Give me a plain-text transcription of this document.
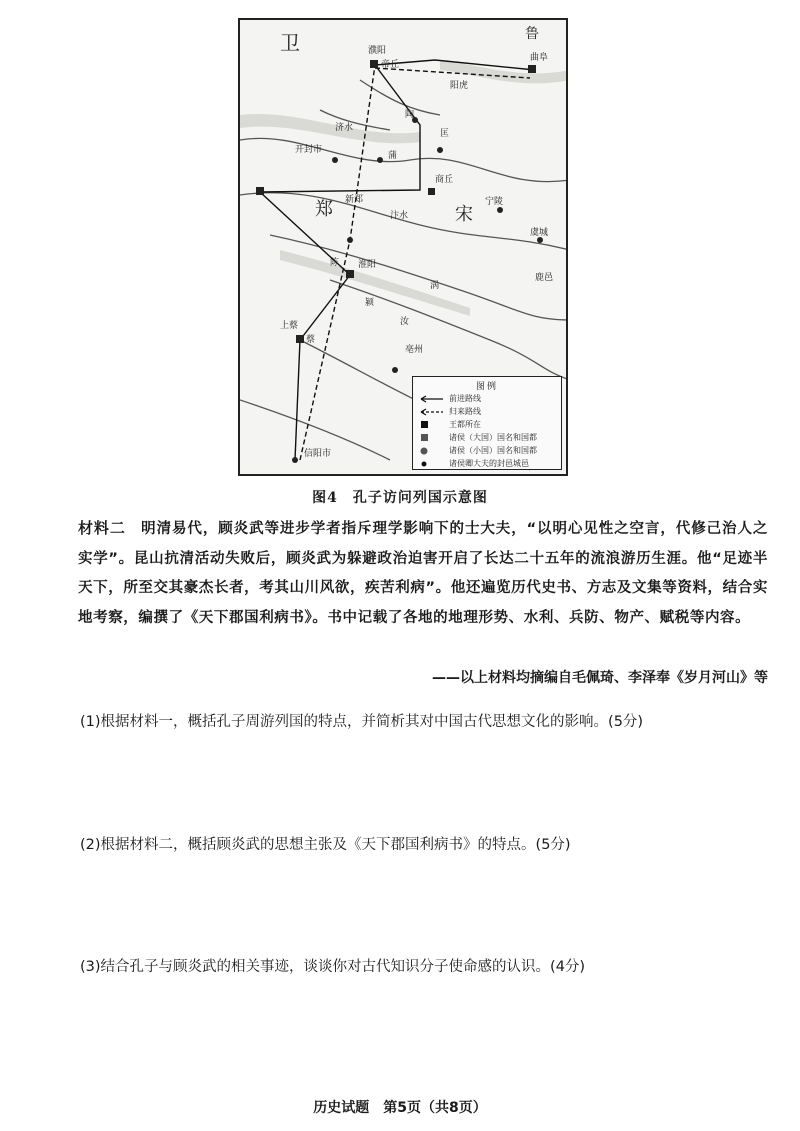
卫	鲁
郑	宋
濮阳
帝丘
曲阜
阳虎
陶
开封市
新郑
商丘
淮阳
陈
上蔡
蔡
信阳市
蒲
匡
宁陵
虞城
鹿邑
亳州
济水
汴水
涡
颍
汝
图例
前进路线
归来路线
王都所在
诸侯（大国）国名和国都
诸侯（小国）国名和国都
诸侯卿大夫的封邑城邑
图4　孔子访问列国示意图
材料二　明清易代，顾炎武等进步学者指斥理学影响下的士大夫，“以明心见性之空言，代修己治人之实学”。昆山抗清活动失败后，顾炎武为躲避政治迫害开启了长达二十五年的流浪游历生涯。他“足迹半天下，所至交其豪杰长者，考其山川风欲，疾苦利病”。他还遍览历代史书、方志及文集等资料，结合实地考察，编撰了《天下郡国利病书》。书中记载了各地的地理形势、水利、兵防、物产、赋税等内容。
——以上材料均摘编自毛佩琦、李泽奉《岁月河山》等
(1)根据材料一，概括孔子周游列国的特点，并简析其对中国古代思想文化的影响。(5分)
(2)根据材料二，概括顾炎武的思想主张及《天下郡国利病书》的特点。(5分)
(3)结合孔子与顾炎武的相关事迹，谈谈你对古代知识分子使命感的认识。(4分)
历史试题　第5页（共8页）
